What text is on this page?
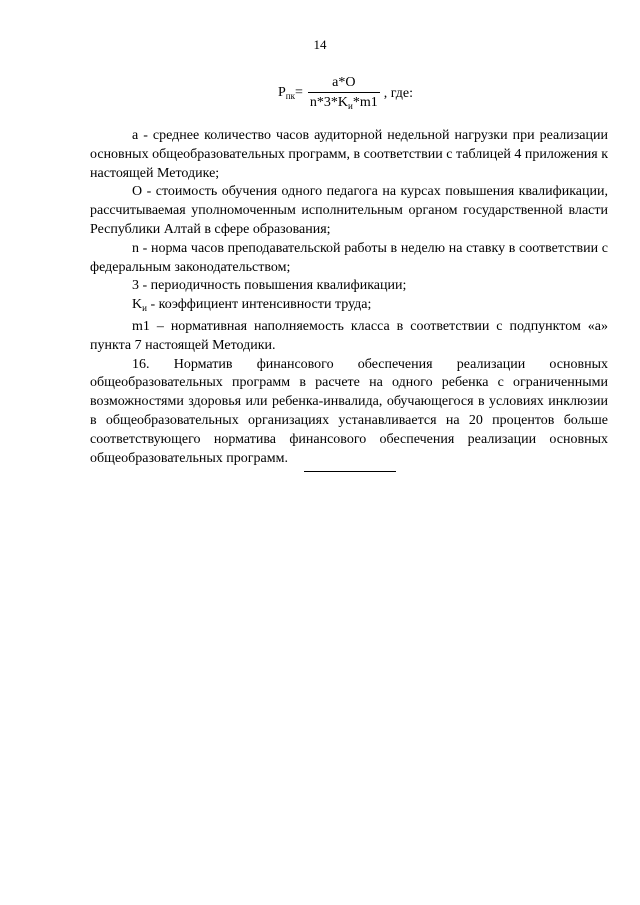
14
$P_{пк}= \frac{a*O}{n*3*K_и*m1}$ , где:

a - среднее количество часов аудиторной недельной нагрузки при реализации основных общеобразовательных программ, в соответствии с таблицей 4 приложения к настоящей Методике;

O - стоимость обучения одного педагога на курсах повышения квалификации, рассчитываемая уполномоченным исполнительным органом государственной власти Республики Алтай в сфере образования;

n - норма часов преподавательской работы в неделю на ставку в соответствии с федеральным законодательством;

3 - периодичность повышения квалификации;

$K_и$ - коэффициент интенсивности труда;

m1 – нормативная наполняемость класса в соответствии с подпунктом «а» пункта 7 настоящей Методики.

16. Норматив финансового обеспечения реализации основных общеобразовательных программ в расчете на одного ребенка с ограниченными возможностями здоровья или ребенка-инвалида, обучающегося в условиях инклюзии в общеобразовательных организациях устанавливается на 20 процентов больше соответствующего норматива финансового обеспечения реализации основных общеобразовательных программ.
